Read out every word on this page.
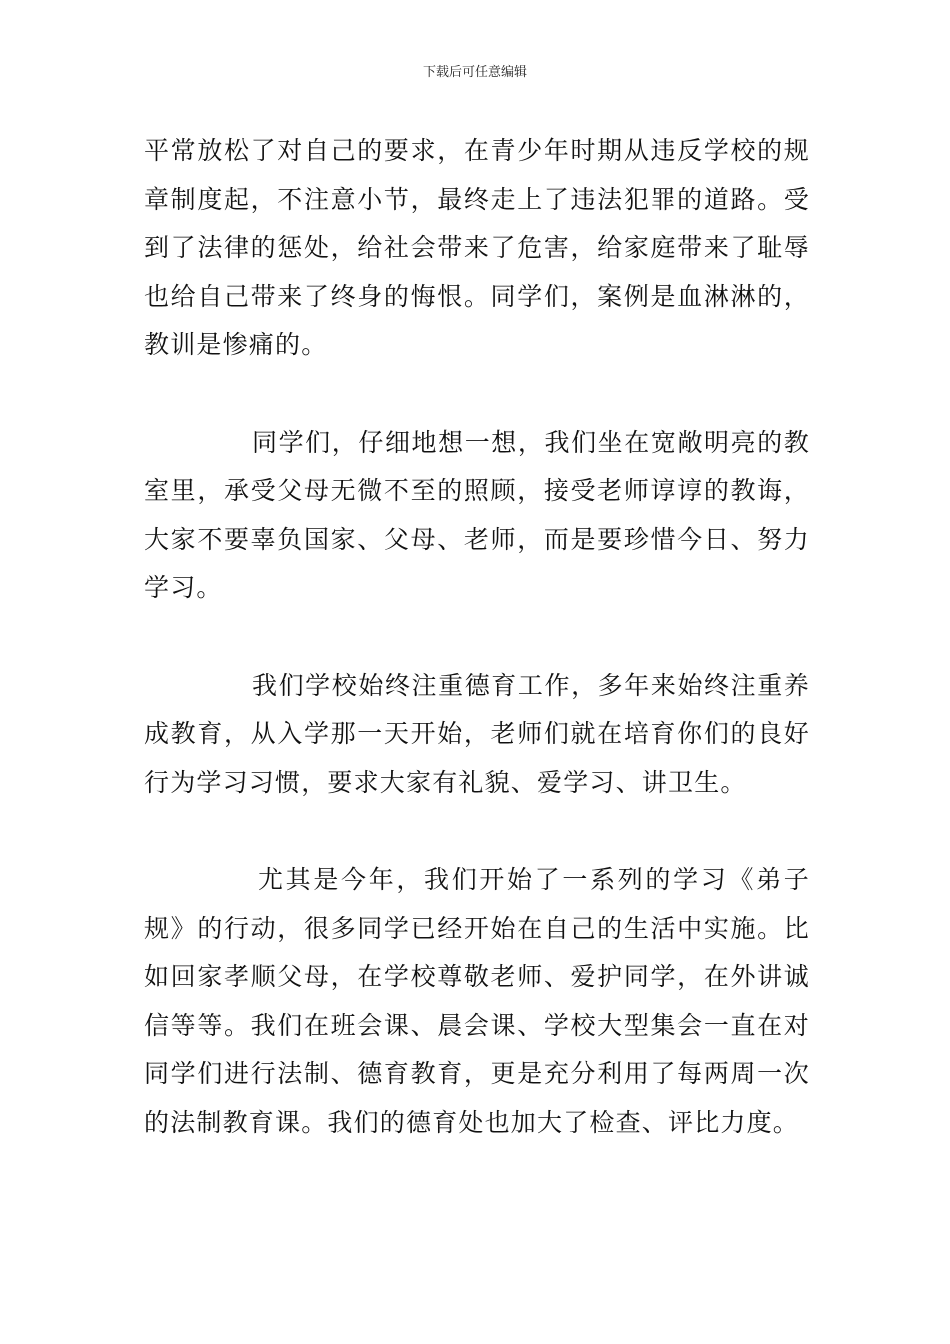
下载后可任意编辑

平常放松了对自己的要求，在青少年时期从违反学校的规章制度起，不注意小节，最终走上了违法犯罪的道路。受到了法律的惩处，给社会带来了危害，给家庭带来了耻辱也给自己带来了终身的悔恨。同学们，案例是血淋淋的，教训是惨痛的。

同学们，仔细地想一想，我们坐在宽敞明亮的教室里，承受父母无微不至的照顾，接受老师谆谆的教诲，大家不要辜负国家、父母、老师，而是要珍惜今日、努力学习。

我们学校始终注重德育工作，多年来始终注重养成教育，从入学那一天开始，老师们就在培育你们的良好行为学习习惯，要求大家有礼貌、爱学习、讲卫生。

尤其是今年，我们开始了一系列的学习《弟子规》的行动，很多同学已经开始在自己的生活中实施。比如回家孝顺父母，在学校尊敬老师、爱护同学，在外讲诚信等等。我们在班会课、晨会课、学校大型集会一直在对同学们进行法制、德育教育，更是充分利用了每两周一次的法制教育课。我们的德育处也加大了检查、评比力度。
